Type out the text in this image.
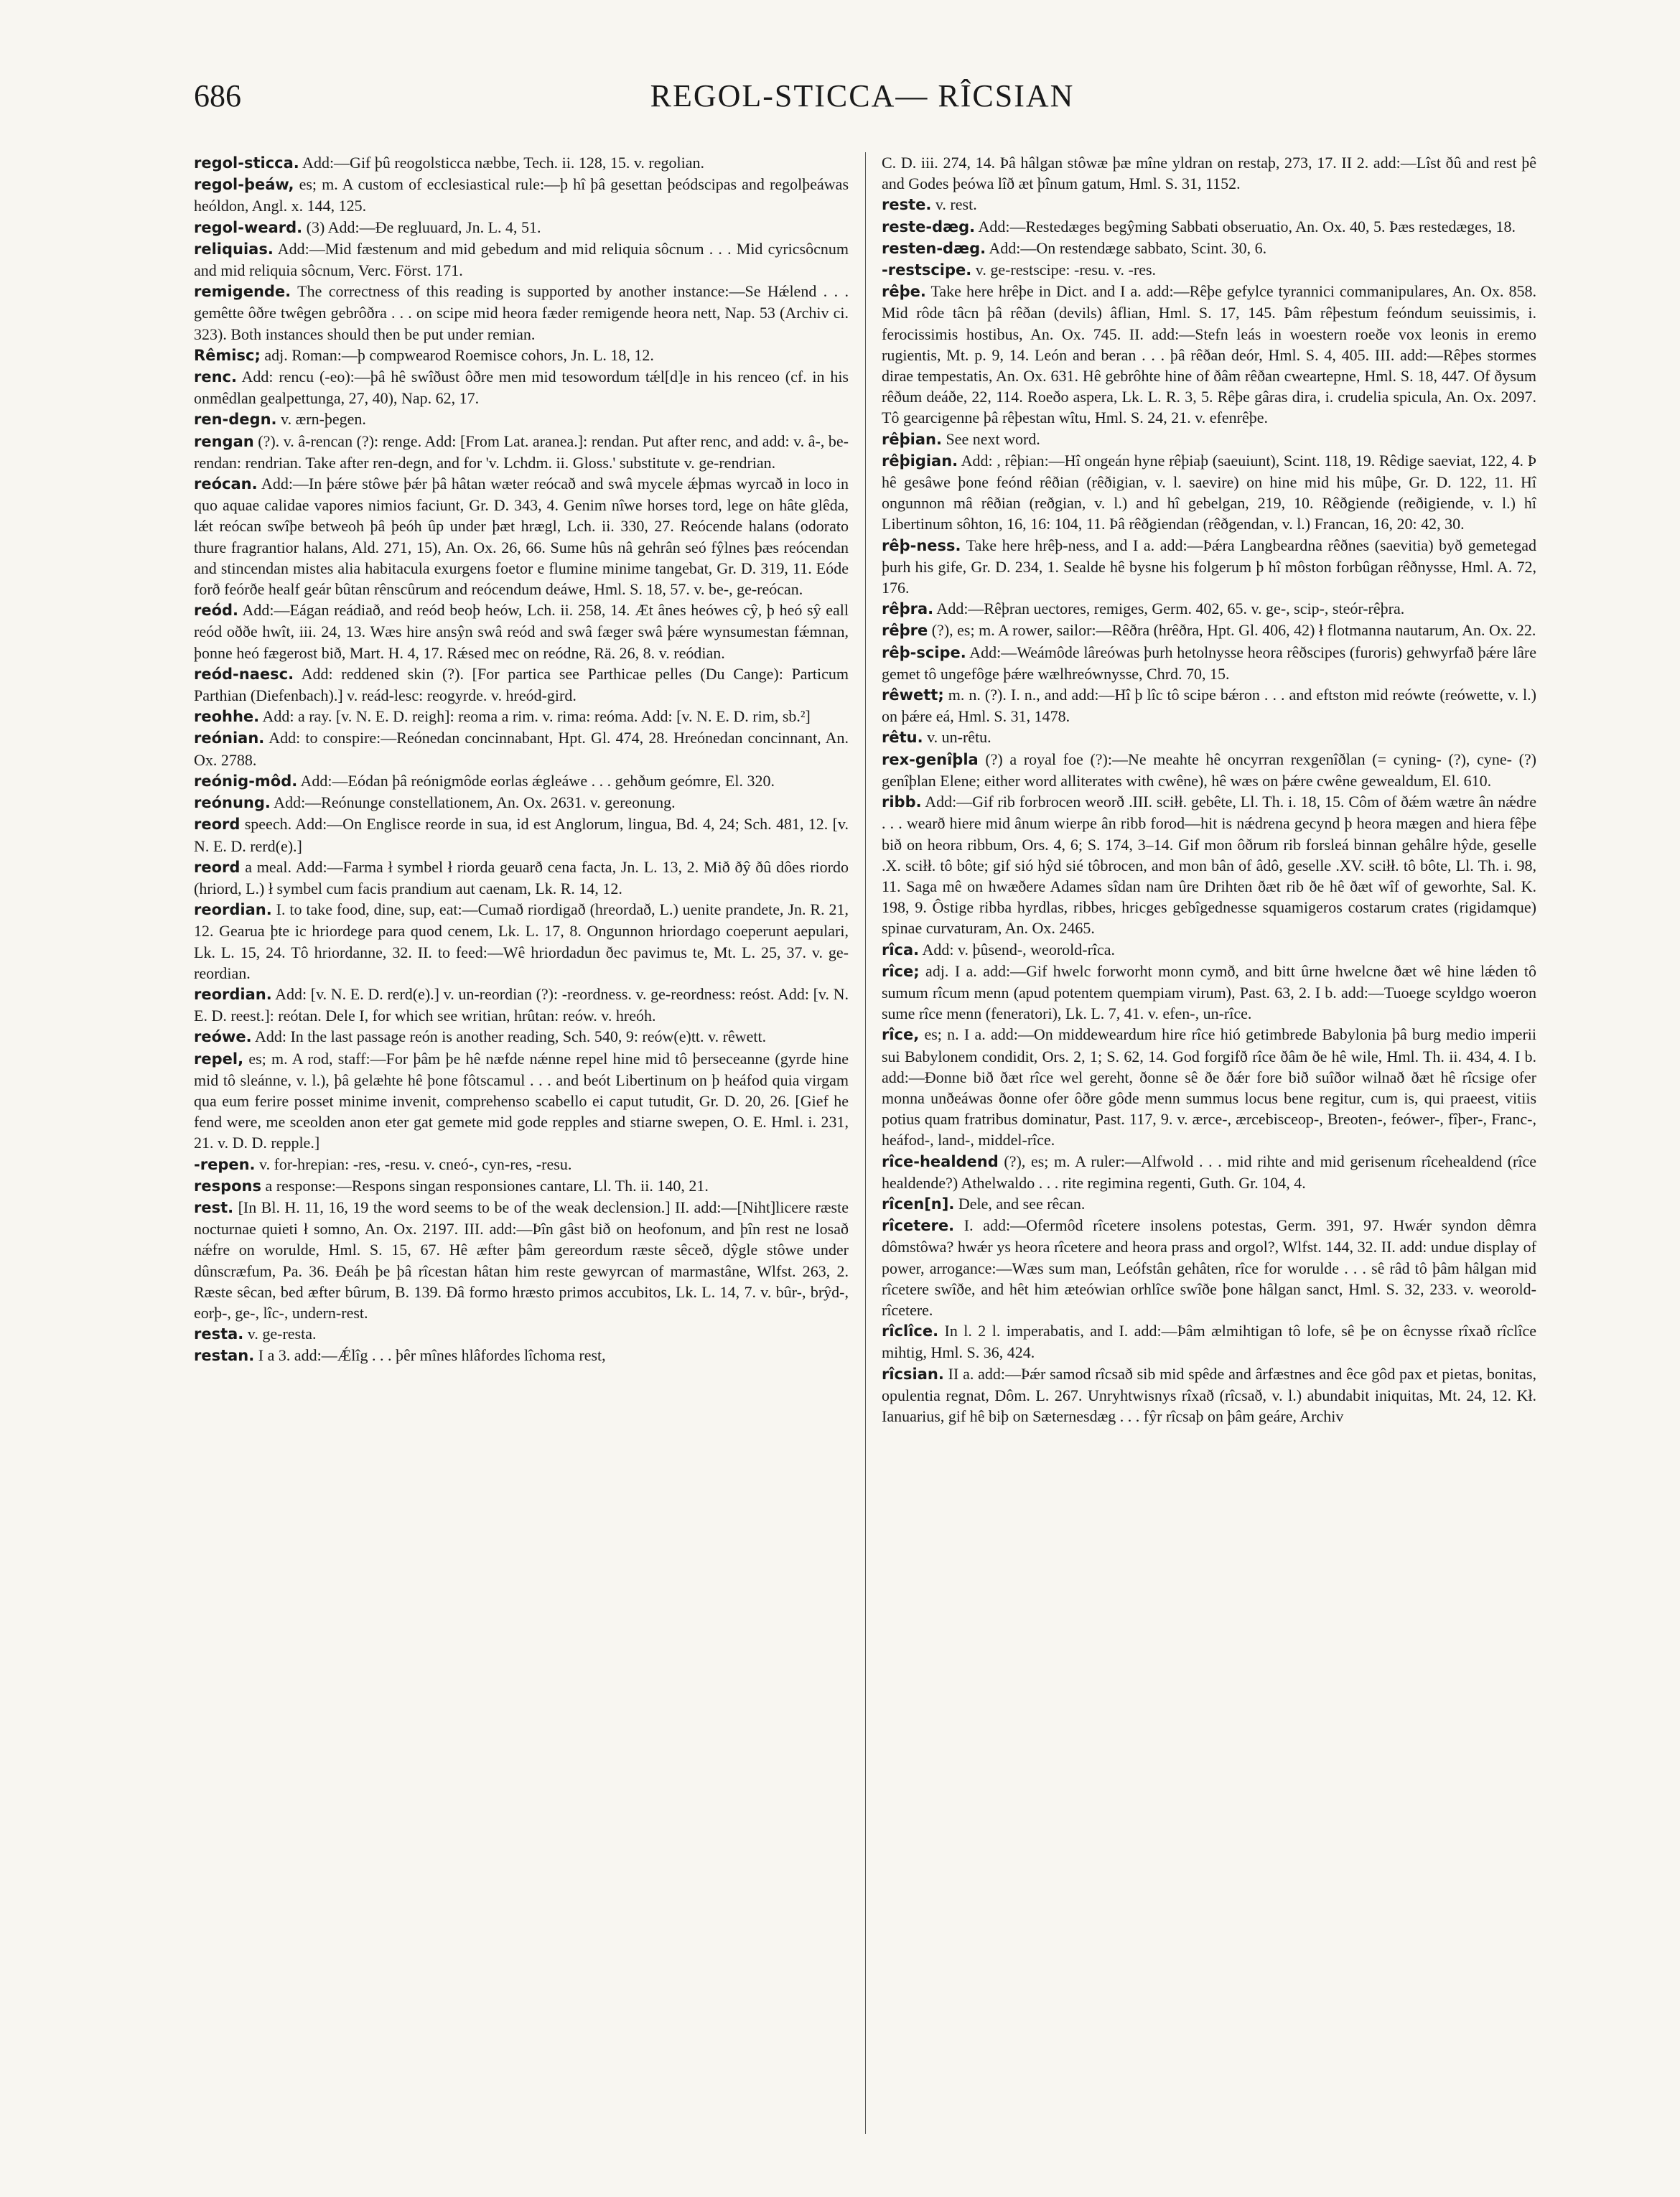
686	REGOL-STICCA— RÎCSIAN

regol-sticca. Add:—Gif þû reogolsticca næbbe, Tech. ii. 128, 15. v. regolian.

regol-þeáw, es; m. A custom of ecclesiastical rule:—þ hî þâ gesettan þeódscipas and regolþeáwas heóldon, Angl. x. 144, 125.

regol-weard. (3) Add:—Ðe regluuard, Jn. L. 4, 51.

reliquias. Add:—Mid fæstenum and mid gebedum and mid reliquia sôcnum . . . Mid cyricsôcnum and mid reliquia sôcnum, Verc. Först. 171.

remigende. The correctness of this reading is supported by another instance:—Se Hǽlend . . . gemêtte ôðre twêgen gebrôðra . . . on scipe mid heora fæder remigende heora nett, Nap. 53 (Archiv ci. 323). Both instances should then be put under remian.

Rêmisc; adj. Roman:—þ compwearod Roemisce cohors, Jn. L. 18, 12.

renc. Add: rencu (-eo):—þâ hê swîðust ôðre men mid tesowordum tǽl[d]e in his renceo (cf. in his onmêdlan gealpettunga, 27, 40), Nap. 62, 17.

ren-degn. v. ærn-þegen.

rengan (?). v. â-rencan (?): renge. Add: [From Lat. aranea.]: rendan. Put after renc, and add: v. â-, be-rendan: rendrian. Take after ren-degn, and for 'v. Lchdm. ii. Gloss.' substitute v. ge-rendrian.

reócan. Add:—In þǽre stôwe þǽr þâ hâtan wæter reócað and swâ mycele ǽþmas wyrcað in loco in quo aquae calidae vapores nimios faciunt, Gr. D. 343, 4. Genim nîwe horses tord, lege on hâte glêda, lǽt reócan swîþe betweoh þâ þeóh ûp under þæt hrægl, Lch. ii. 330, 27. Reócende halans (odorato thure fragrantior halans, Ald. 271, 15), An. Ox. 26, 66. Sume hûs nâ gehrân seó fŷlnes þæs reócendan and stincendan mistes alia habitacula exurgens foetor e flumine minime tangebat, Gr. D. 319, 11. Eóde forð feórðe healf geár bûtan rênscûrum and reócendum deáwe, Hml. S. 18, 57. v. be-, ge-reócan.

reód. Add:—Eágan reádiað, and reód beoþ heów, Lch. ii. 258, 14. Æt ânes heówes cŷ, þ heó sŷ eall reód oððe hwît, iii. 24, 13. Wæs hire ansŷn swâ reód and swâ fæger swâ þǽre wynsumestan fǽmnan, þonne heó fægerost bið, Mart. H. 4, 17. Rǽsed mec on reódne, Rä. 26, 8. v. reódian.

reód-naesc. Add: reddened skin (?). [For partica see Parthicae pelles (Du Cange): Particum Parthian (Diefenbach).] v. reád-lesc: reogyrde. v. hreód-gird.

reohhe. Add: a ray. [v. N. E. D. reigh]: reoma a rim. v. rima: reóma. Add: [v. N. E. D. rim, sb.²]

reónian. Add: to conspire:—Reónedan concinnabant, Hpt. Gl. 474, 28. Hreónedan concinnant, An. Ox. 2788.

reónig-môd. Add:—Eódan þâ reónigmôde eorlas ǽgleáwe . . . gehðum geómre, El. 320.

reónung. Add:—Reónunge constellationem, An. Ox. 2631. v. gereonung.

reord speech. Add:—On Englisce reorde in sua, id est Anglorum, lingua, Bd. 4, 24; Sch. 481, 12. [v. N. E. D. rerd(e).]

reord a meal. Add:—Farma ł symbel ł riorda geuarð cena facta, Jn. L. 13, 2. Mið ðŷ ðû dôes riordo (hriord, L.) ł symbel cum facis prandium aut caenam, Lk. R. 14, 12.

reordian. I. to take food, dine, sup, eat:—Cumað riordigað (hreordað, L.) uenite prandete, Jn. R. 21, 12. Gearua þte ic hriordege para quod cenem, Lk. L. 17, 8. Ongunnon hriordago coeperunt aepulari, Lk. L. 15, 24. Tô hriordanne, 32. II. to feed:—Wê hriordadun ðec pavimus te, Mt. L. 25, 37. v. ge-reordian.

reordian. Add: [v. N. E. D. rerd(e).] v. un-reordian (?): -reordness. v. ge-reordness: reóst. Add: [v. N. E. D. reest.]: reótan. Dele I, for which see writian, hrûtan: reów. v. hreóh.

reówe. Add: In the last passage reón is another reading, Sch. 540, 9: reów(e)tt. v. rêwett.

repel, es; m. A rod, staff:—For þâm þe hê næfde nǽnne repel hine mid tô þerseceanne (gyrde hine mid tô sleánne, v. l.), þâ gelæhte hê þone fôtscamul . . . and beót Libertinum on þ heáfod quia virgam qua eum ferire posset minime invenit, comprehenso scabello ei caput tutudit, Gr. D. 20, 26. [Gief he fend were, me sceolden anon eter gat gemete mid gode repples and stiarne swepen, O. E. Hml. i. 231, 21. v. D. D. repple.]

-repen. v. for-hrepian: -res, -resu. v. cneó-, cyn-res, -resu.

respons a response:—Respons singan responsiones cantare, Ll. Th. ii. 140, 21.

rest. [In Bl. H. 11, 16, 19 the word seems to be of the weak declension.] II. add:—[Niht]licere ræste nocturnae quieti ł somno, An. Ox. 2197. III. add:—Þîn gâst bið on heofonum, and þîn rest ne losað nǽfre on woruldе, Hml. S. 15, 67. Hê æfter þâm gereordum ræste sêceð, dŷgle stôwe under dûnscræfum, Pa. 36. Ðeáh þe þâ rîcestan hâtan him reste gewyrcan of marmastâne, Wlfst. 263, 2. Ræste sêcan, bed æfter bûrum, B. 139. Ðâ formo hræsto primos accubitos, Lk. L. 14, 7. v. bûr-, brŷd-, eorþ-, ge-, lîc-, undern-rest.

resta. v. ge-resta.

restan. I a 3. add:—Ǽlîg . . . þêr mînes hlâfordes lîchoma rest,

C. D. iii. 274, 14. Þâ hâlgan stôwæ þæ mîne yldran on restaþ, 273, 17. II 2. add:—Lîst ðû and rest þê and Godes þeówa lîð æt þînum gatum, Hml. S. 31, 1152.

reste. v. rest.

reste-dæg. Add:—Restedæges begŷming Sabbati obseruatio, An. Ox. 40, 5. Þæs restedæges, 18.

resten-dæg. Add:—On restendæge sabbato, Scint. 30, 6.

-restscipe. v. ge-restscipe: -resu. v. -res.

rêþe. Take here hrêþe in Dict. and I a. add:—Rêþe gefylce tyrannici commanipulares, An. Ox. 858. Mid rôde tâcn þâ rêðan (devils) âflian, Hml. S. 17, 145. Þâm rêþestum feóndum seuissimis, i. ferocissimis hostibus, An. Ox. 745. II. add:—Stefn leás in woestern roeðe vox leonis in eremo rugientis, Mt. p. 9, 14. León and beran . . . þâ rêðan deór, Hml. S. 4, 405. III. add:—Rêþes stormes dirae tempestatis, An. Ox. 631. Hê gebrôhte hine of ðâm rêðan cweartерne, Hml. S. 18, 447. Of ðysum rêðum deáðe, 22, 114. Roeðo aspera, Lk. L. R. 3, 5. Rêþe gâras dira, i. crudelia spicula, An. Ox. 2097. Tô gearcigenne þâ rêþestan wîtu, Hml. S. 24, 21. v. efenrêþe.

rêþian. See next word.

rêþigian. Add: , rêþian:—Hî ongeán hyne rêþiaþ (saeuiunt), Scint. 118, 19. Rêdige saeviat, 122, 4. Þ hê gesâwe þone feónd rêðian (rêðigian, v. l. saevire) on hine mid his mûþe, Gr. D. 122, 11. Hî ongunnon mâ rêðian (reðgian, v. l.) and hî gebelgan, 219, 10. Rêðgiende (reðigiende, v. l.) hî Libertinum sôhton, 16, 16: 104, 11. Þâ rêðgiendan (rêðgendan, v. l.) Francan, 16, 20: 42, 30.

rêþ-ness. Take here hrêþ-ness, and I a. add:—Þǽra Langbeardna rêðnes (saevitia) byð gemetegad þurh his gife, Gr. D. 234, 1. Sealde hê bysne his folgerum þ hî môston forbûgan rêðnysse, Hml. A. 72, 176.

rêþra. Add:—Rêþran uectores, remiges, Germ. 402, 65. v. ge-, scip-, steór-rêþra.

rêþre (?), es; m. A rower, sailor:—Rêðra (hrêðra, Hpt. Gl. 406, 42) ł flotmanna nautarum, An. Ox. 22.

rêþ-scipe. Add:—Weámôde lâreówas þurh hetolnysse heora rêðscipes (furoris) gehwyrfað þǽre lâre gemet tô ungefôge þǽre wælhreównysse, Chrd. 70, 15.

rêwett; m. n. (?). I. n., and add:—Hî þ lîc tô scipe bǽron . . . and eftston mid reówte (reówette, v. l.) on þǽre eá, Hml. S. 31, 1478.

rêtu. v. un-rêtu.

rex-genîþla (?) a royal foe (?):—Ne meahte hê oncyrran rexgenîðlan (= cyning- (?), cyne- (?) genîþlan Elene; either word alliterates with cwêne), hê wæs on þǽre cwêne gewealdum, El. 610.

ribb. Add:—Gif rib forbrocen weorð .III. sciłł. gebête, Ll. Th. i. 18, 15. Côm of ðǽm wætre ân nǽdre . . . wearð hiere mid ânum wierpe ân ribb forod—hit is nǽdrena gecynd þ heora mægen and hiera fêþe bið on heora ribbum, Ors. 4, 6; S. 174, 3–14. Gif mon ôðrum rib forsleá binnan gehâlre hŷde, geselle .X. sciłł. tô bôte; gif sió hŷd sié tôbrocen, and mon bân of âdô, geselle .XV. sciłł. tô bôte, Ll. Th. i. 98, 11. Saga mê on hwæðere Adames sîdan nam ûre Drihten ðæt rib ðe hê ðæt wîf of geworhte, Sal. K. 198, 9. Ôstige ribba hyrdlas, ribbes, hricges gebîgednesse squamigeros costarum crates (rigidamque) spinae curvaturam, An. Ox. 2465.

rîca. Add: v. þûsend-, weorold-rîca.

rîce; adj. I a. add:—Gif hwelc forworht monn cymð, and bitt ûrne hwelcne ðæt wê hine lǽden tô sumum rîcum menn (apud potentem quempiam virum), Past. 63, 2. I b. add:—Tuoege scyldgo woeron sume rîce menn (feneratori), Lk. L. 7, 41. v. efen-, un-rîce.

rîce, es; n. I a. add:—On middeweardum hire rîce hió getimbrede Babylonia þâ burg medio imperii sui Babylonem condidit, Ors. 2, 1; S. 62, 14. God forgifð rîce ðâm ðe hê wile, Hml. Th. ii. 434, 4. I b. add:—Ðonne bið ðæt rîce wel gereht, ðonne sê ðe ðǽr fore bið suîðor wilnað ðæt hê rîcsige ofer monna unðeáwas ðonne ofer ôðre gôde menn summus locus bene regitur, cum is, qui praeest, vitiis potius quam fratribus dominatur, Past. 117, 9. v. ærce-, ærcebisceop-, Breoten-, feówer-, fîþer-, Franc-, heáfod-, land-, middel-rîce.

rîce-healdend (?), es; m. A ruler:—Alfwold . . . mid rihte and mid gerisenum rîcehealdend (rîce healdende?) Athelwaldo . . . rite regimina regenti, Guth. Gr. 104, 4.

rîcen[n]. Dele, and see rêcan.

rîcetere. I. add:—Ofermôd rîcetere insolens potestas, Germ. 391, 97. Hwǽr syndon dêmra dômstôwa? hwǽr ys heora rîcetere and heora prass and orgol?, Wlfst. 144, 32. II. add: undue display of power, arrogance:—Wæs sum man, Leófstân gehâten, rîce for worulde . . . sê râd tô þâm hâlgan mid rîcetere swîðe, and hêt him æteówian orhlîce swîðe þone hâlgan sanct, Hml. S. 32, 233. v. weorold-rîcetere.

rîclîce. In l. 2 l. imperabatis, and I. add:—Þâm ælmihtigan tô lofe, sê þe on êcnysse rîxað rîclîce mihtig, Hml. S. 36, 424.

rîcsian. II a. add:—Þǽr samod rîcsað sib mid spêde and ârfæstnes and êce gôd pax et pietas, bonitas, opulentia regnat, Dôm. L. 267. Unryhtwisnys rîxað (rîcsað, v. l.) abundabit iniquitas, Mt. 24, 12. Kł. Ianuarius, gif hê biþ on Sæternesdæg . . . fŷr rîcsaþ on þâm geáre, Archiv
